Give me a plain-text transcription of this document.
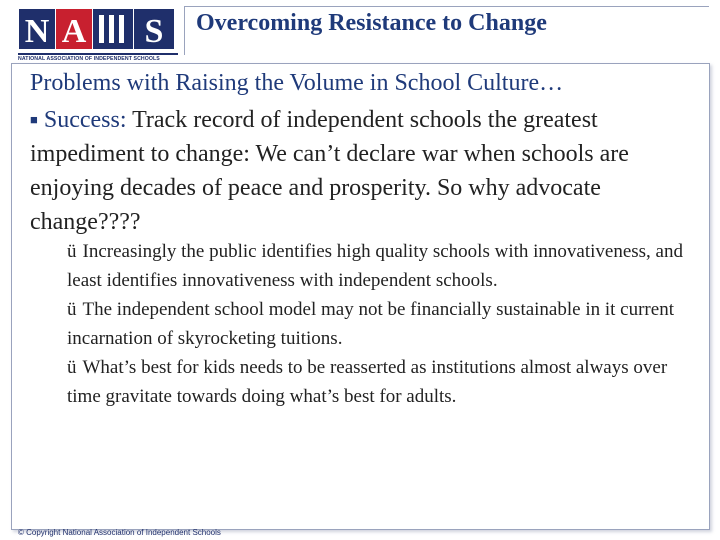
N A S
NATIONAL ASSOCIATION OF INDEPENDENT SCHOOLS
Overcoming Resistance to Change
Problems with Raising the Volume in School Culture…
■ Success: Track record of independent schools the greatest impediment to change: We can’t declare war when schools are enjoying decades of peace and prosperity. So why advocate change????
ü Increasingly the public identifies high quality schools with innovativeness, and least identifies innovativeness with independent schools.
ü The independent school model may not be financially sustainable in it current incarnation of skyrocketing tuitions.
ü What’s best for kids needs to be reasserted as institutions almost always over time gravitate towards doing what’s best for adults.
© Copyright National Association of Independent Schools
